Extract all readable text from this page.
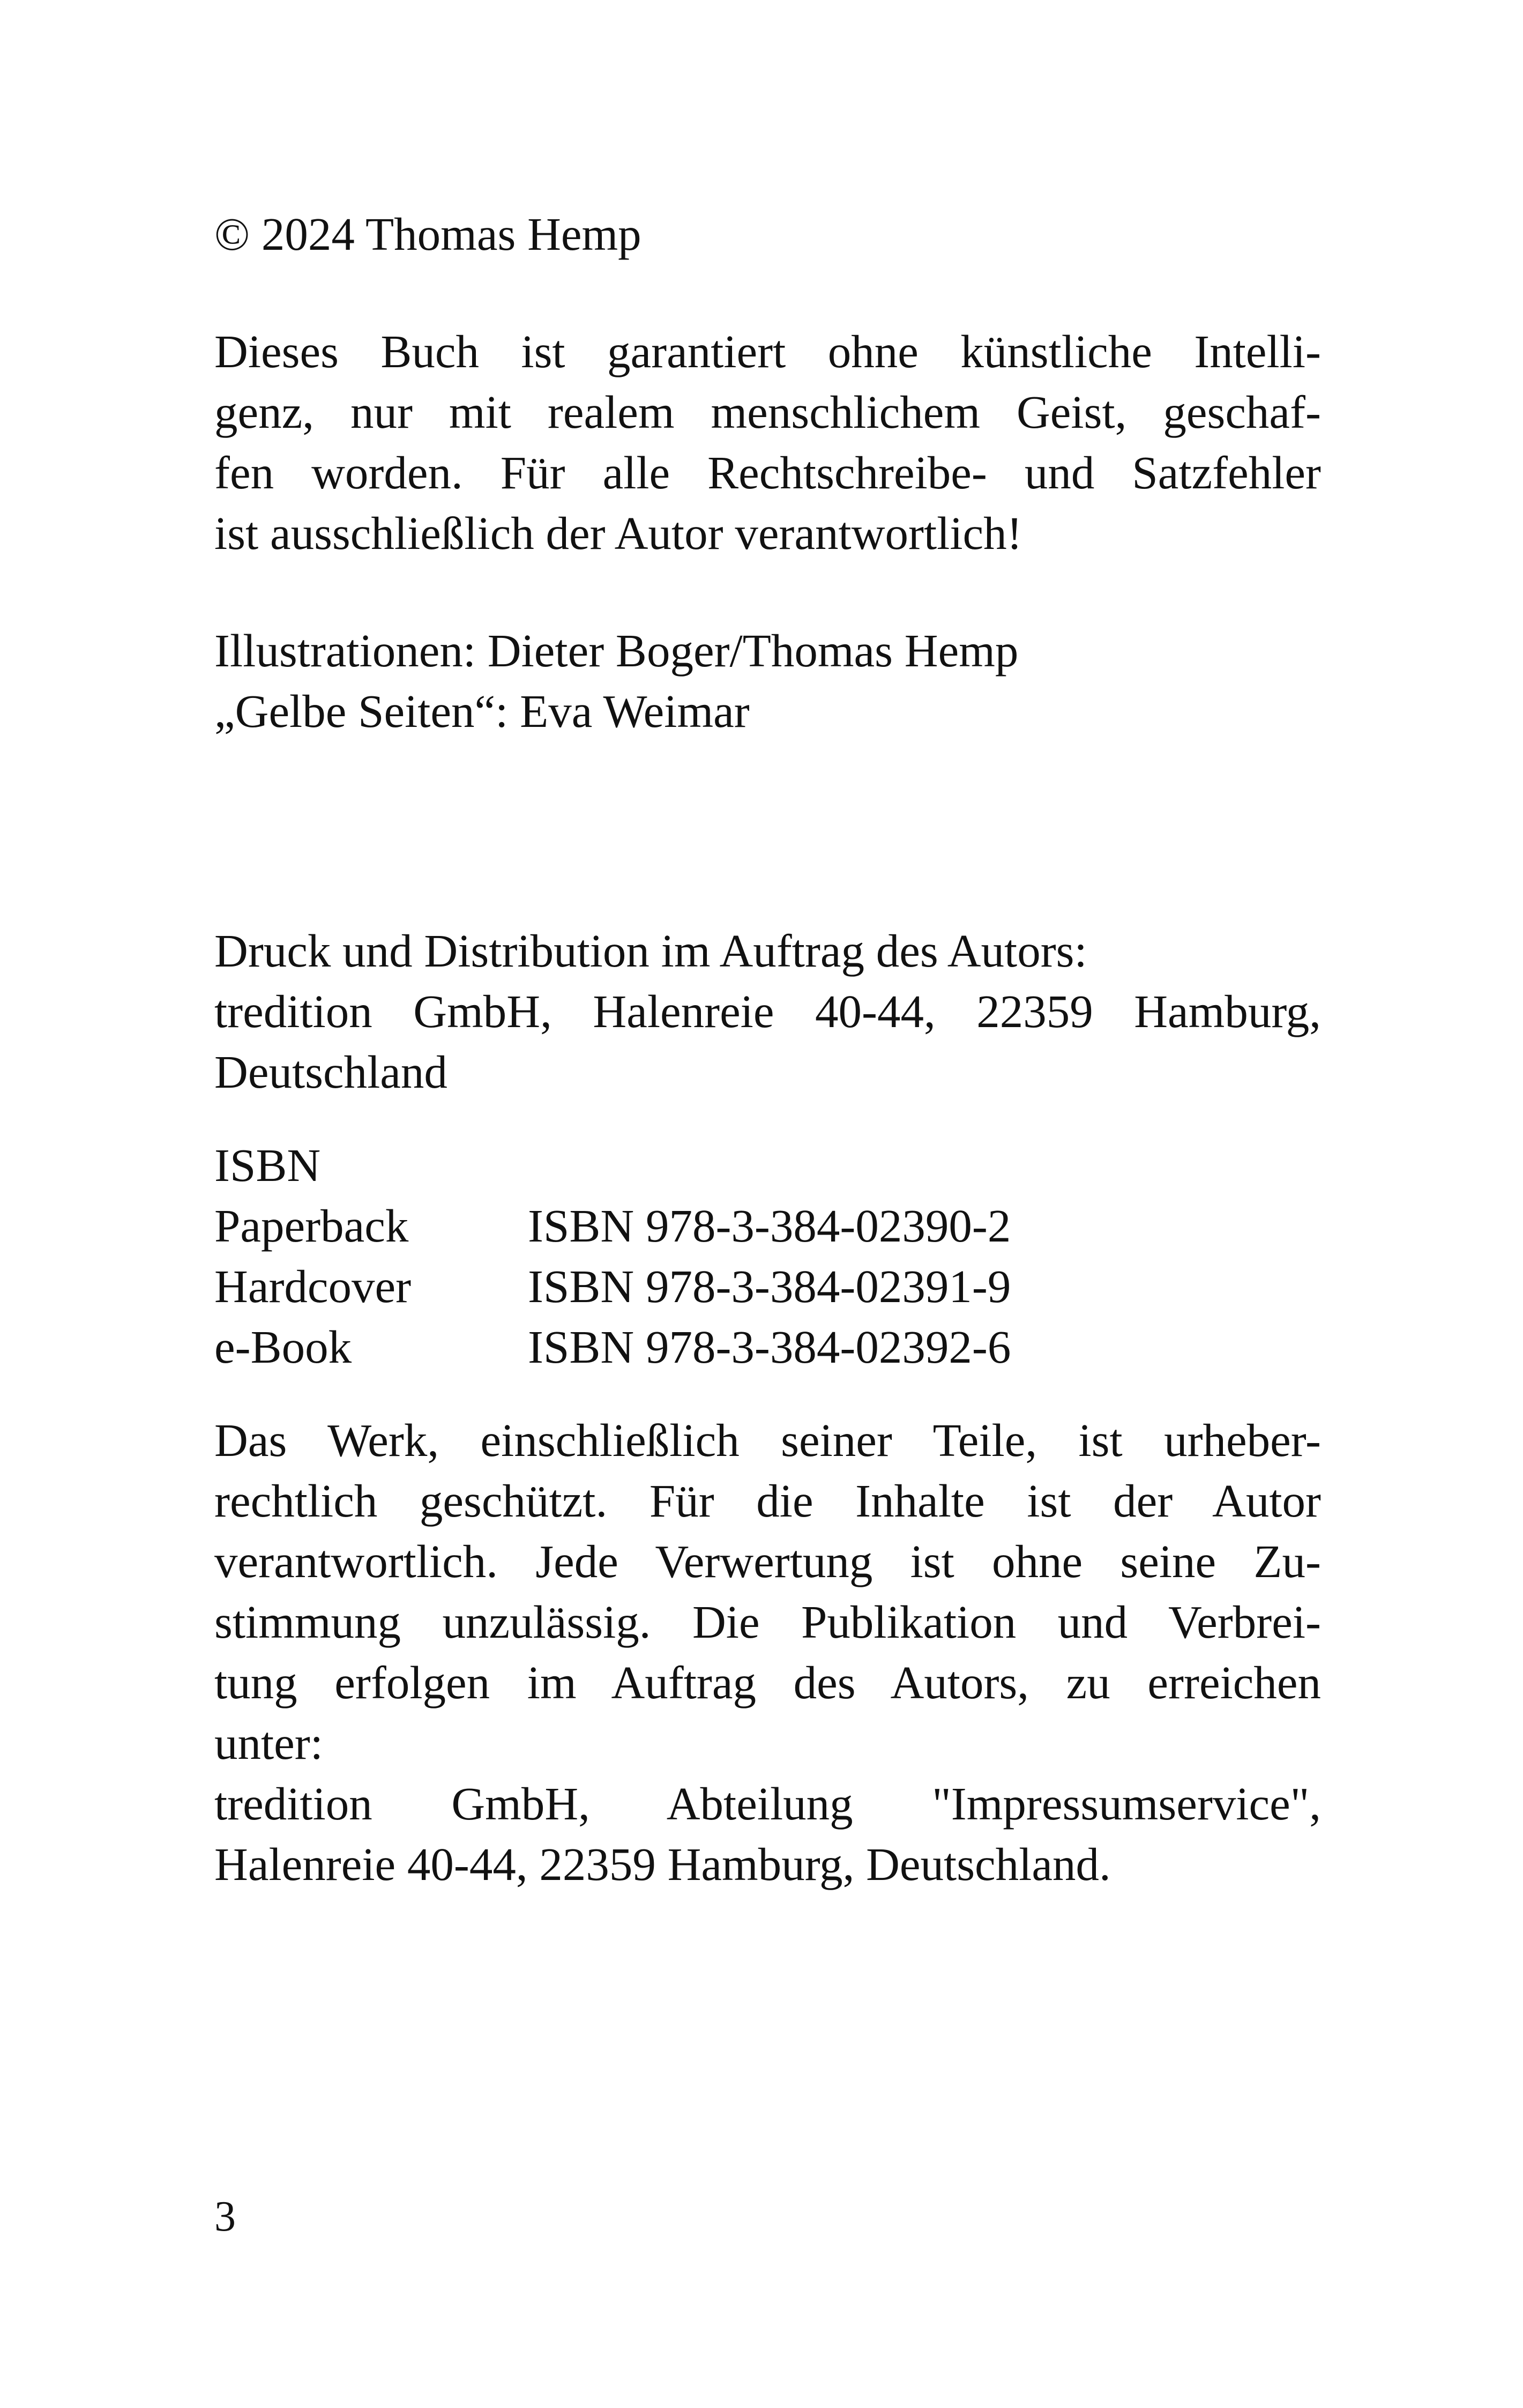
© 2024 Thomas Hemp

Dieses Buch ist garantiert ohne künstliche Intelli-

genz, nur mit realem menschlichem Geist, geschaf-

fen worden. Für alle Rechtschreibe- und Satzfehler

ist ausschließlich der Autor verantwortlich!

Illustrationen: Dieter Boger/Thomas Hemp

„Gelbe Seiten“: Eva Weimar

Druck und Distribution im Auftrag des Autors:

tredition GmbH, Halenreie 40-44, 22359 Hamburg,

Deutschland

ISBN

Paperback	ISBN 978-3-384-02390-2
Hardcover	ISBN 978-3-384-02391-9
e-Book	ISBN 978-3-384-02392-6

Das Werk, einschließlich seiner Teile, ist urheber-

rechtlich geschützt. Für die Inhalte ist der Autor

verantwortlich. Jede Verwertung ist ohne seine Zu-

stimmung unzulässig. Die Publikation und Verbrei-

tung erfolgen im Auftrag des Autors, zu erreichen

unter:

tredition GmbH, Abteilung "Impressumservice",

Halenreie 40-44, 22359 Hamburg, Deutschland.

3
